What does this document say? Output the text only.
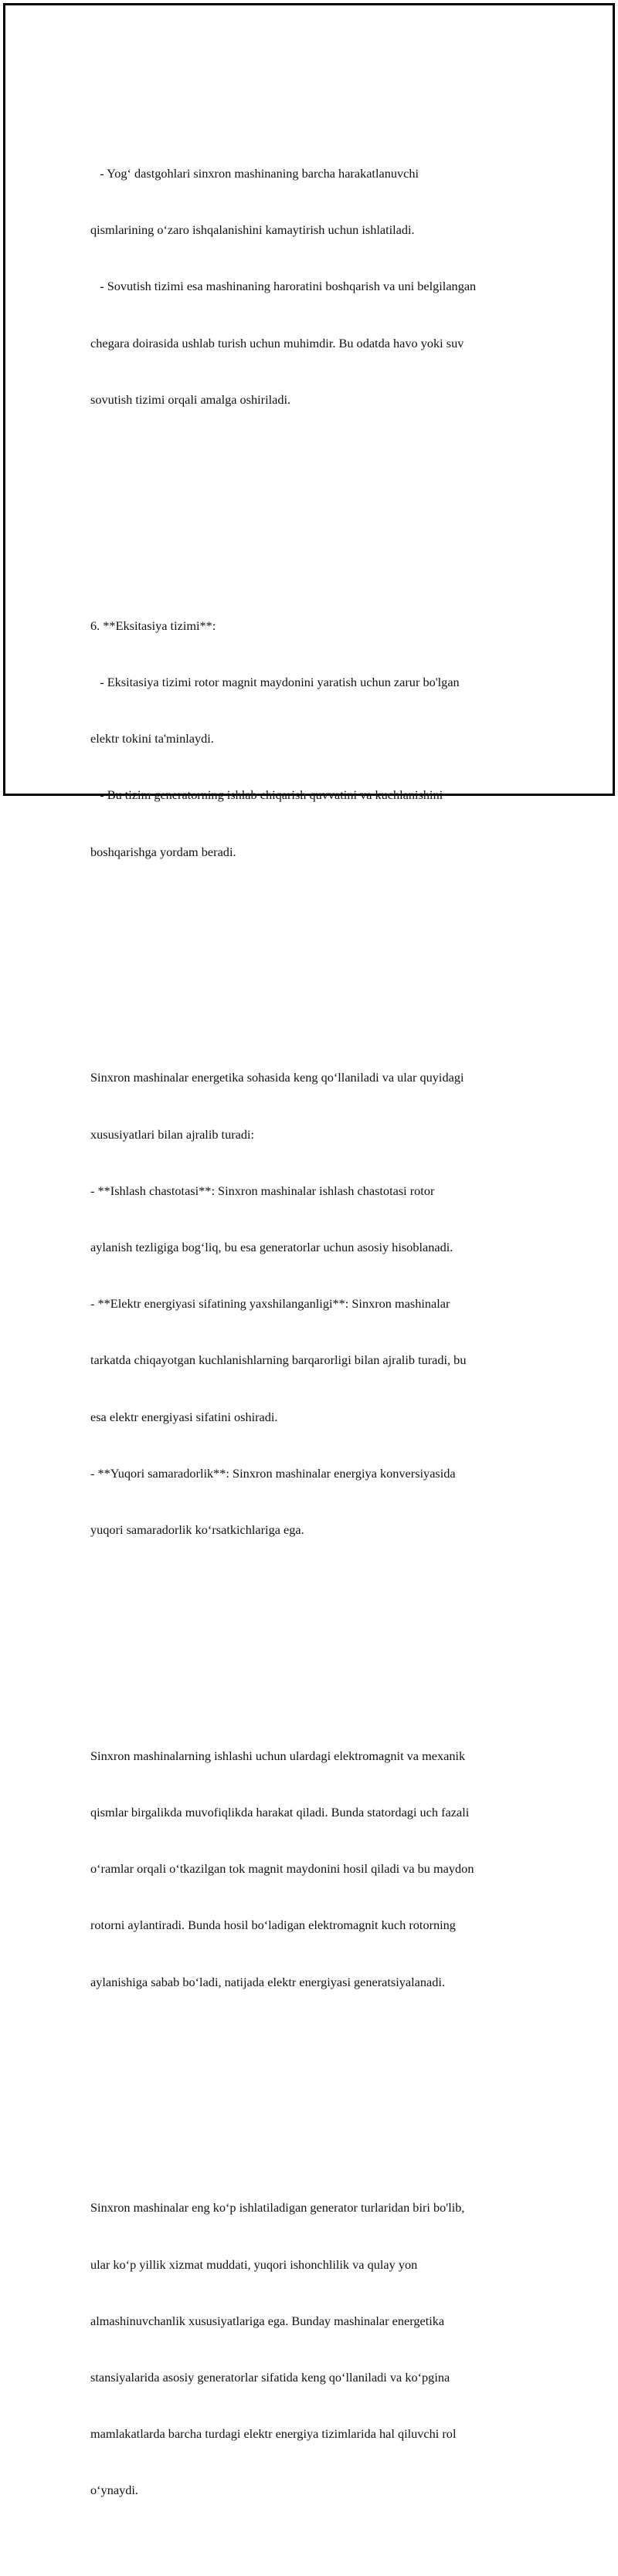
- Yog‘ dastgohlari sinxron mashinaning barcha harakatlanuvchi

qismlarining o‘zaro ishqalanishini kamaytirish uchun ishlatiladi.

- Sovutish tizimi esa mashinaning haroratini boshqarish va uni belgilangan

chegara doirasida ushlab turish uchun muhimdir. Bu odatda havo yoki suv

sovutish tizimi orqali amalga oshiriladi.

6. **Eksitasiya tizimi**:

- Eksitasiya tizimi rotor magnit maydonini yaratish uchun zarur bo'lgan

elektr tokini ta'minlaydi.

- Bu tizim generatorning ishlab chiqarish quvvatini va kuchlanishini

boshqarishga yordam beradi.

Sinxron mashinalar energetika sohasida keng qo‘llaniladi va ular quyidagi

xususiyatlari bilan ajralib turadi:

- **Ishlash chastotasi**: Sinxron mashinalar ishlash chastotasi rotor

aylanish tezligiga bog‘liq, bu esa generatorlar uchun asosiy hisoblanadi.

- **Elektr energiyasi sifatining yaxshilanganligi**: Sinxron mashinalar

tarkatda chiqayotgan kuchlanishlarning barqarorligi bilan ajralib turadi, bu

esa elektr energiyasi sifatini oshiradi.

- **Yuqori samaradorlik**: Sinxron mashinalar energiya konversiyasida

yuqori samaradorlik ko‘rsatkichlariga ega.

Sinxron mashinalarning ishlashi uchun ulardagi elektromagnit va mexanik

qismlar birgalikda muvofiqlikda harakat qiladi. Bunda statordagi uch fazali

o‘ramlar orqali o‘tkazilgan tok magnit maydonini hosil qiladi va bu maydon

rotorni aylantiradi. Bunda hosil bo‘ladigan elektromagnit kuch rotorning

aylanishiga sabab bo‘ladi, natijada elektr energiyasi generatsiyalanadi.

Sinxron mashinalar eng ko‘p ishlatiladigan generator turlaridan biri bo'lib,

ular ko‘p yillik xizmat muddati, yuqori ishonchlilik va qulay yon

almashinuvchanlik xususiyatlariga ega. Bunday mashinalar energetika

stansiyalarida asosiy generatorlar sifatida keng qo‘llaniladi va ko‘pgina

mamlakatlarda barcha turdagi elektr energiya tizimlarida hal qiluvchi rol

o‘ynaydi.
